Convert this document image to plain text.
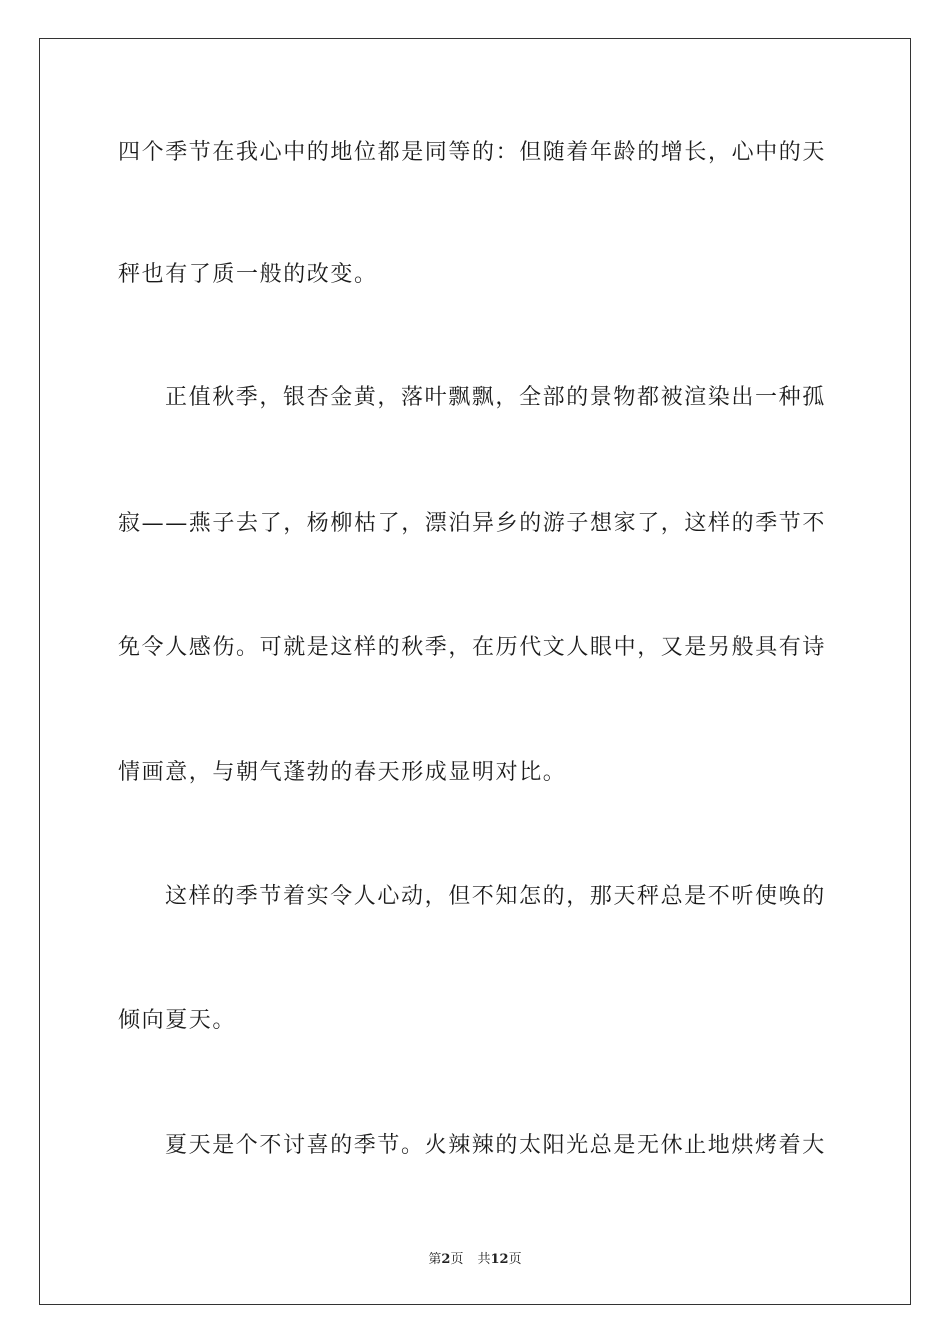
四个季节在我心中的地位都是同等的：但随着年龄的增长，心中的天
秤也有了质一般的改变。
正值秋季，银杏金黄，落叶飘飘，全部的景物都被渲染出一种孤
寂——燕子去了，杨柳枯了，漂泊异乡的游子想家了，这样的季节不
免令人感伤。可就是这样的秋季，在历代文人眼中，又是另般具有诗
情画意，与朝气蓬勃的春天形成显明对比。
这样的季节着实令人心动，但不知怎的，那天秤总是不听使唤的
倾向夏天。
夏天是个不讨喜的季节。火辣辣的太阳光总是无休止地烘烤着大
第2页 共12页
